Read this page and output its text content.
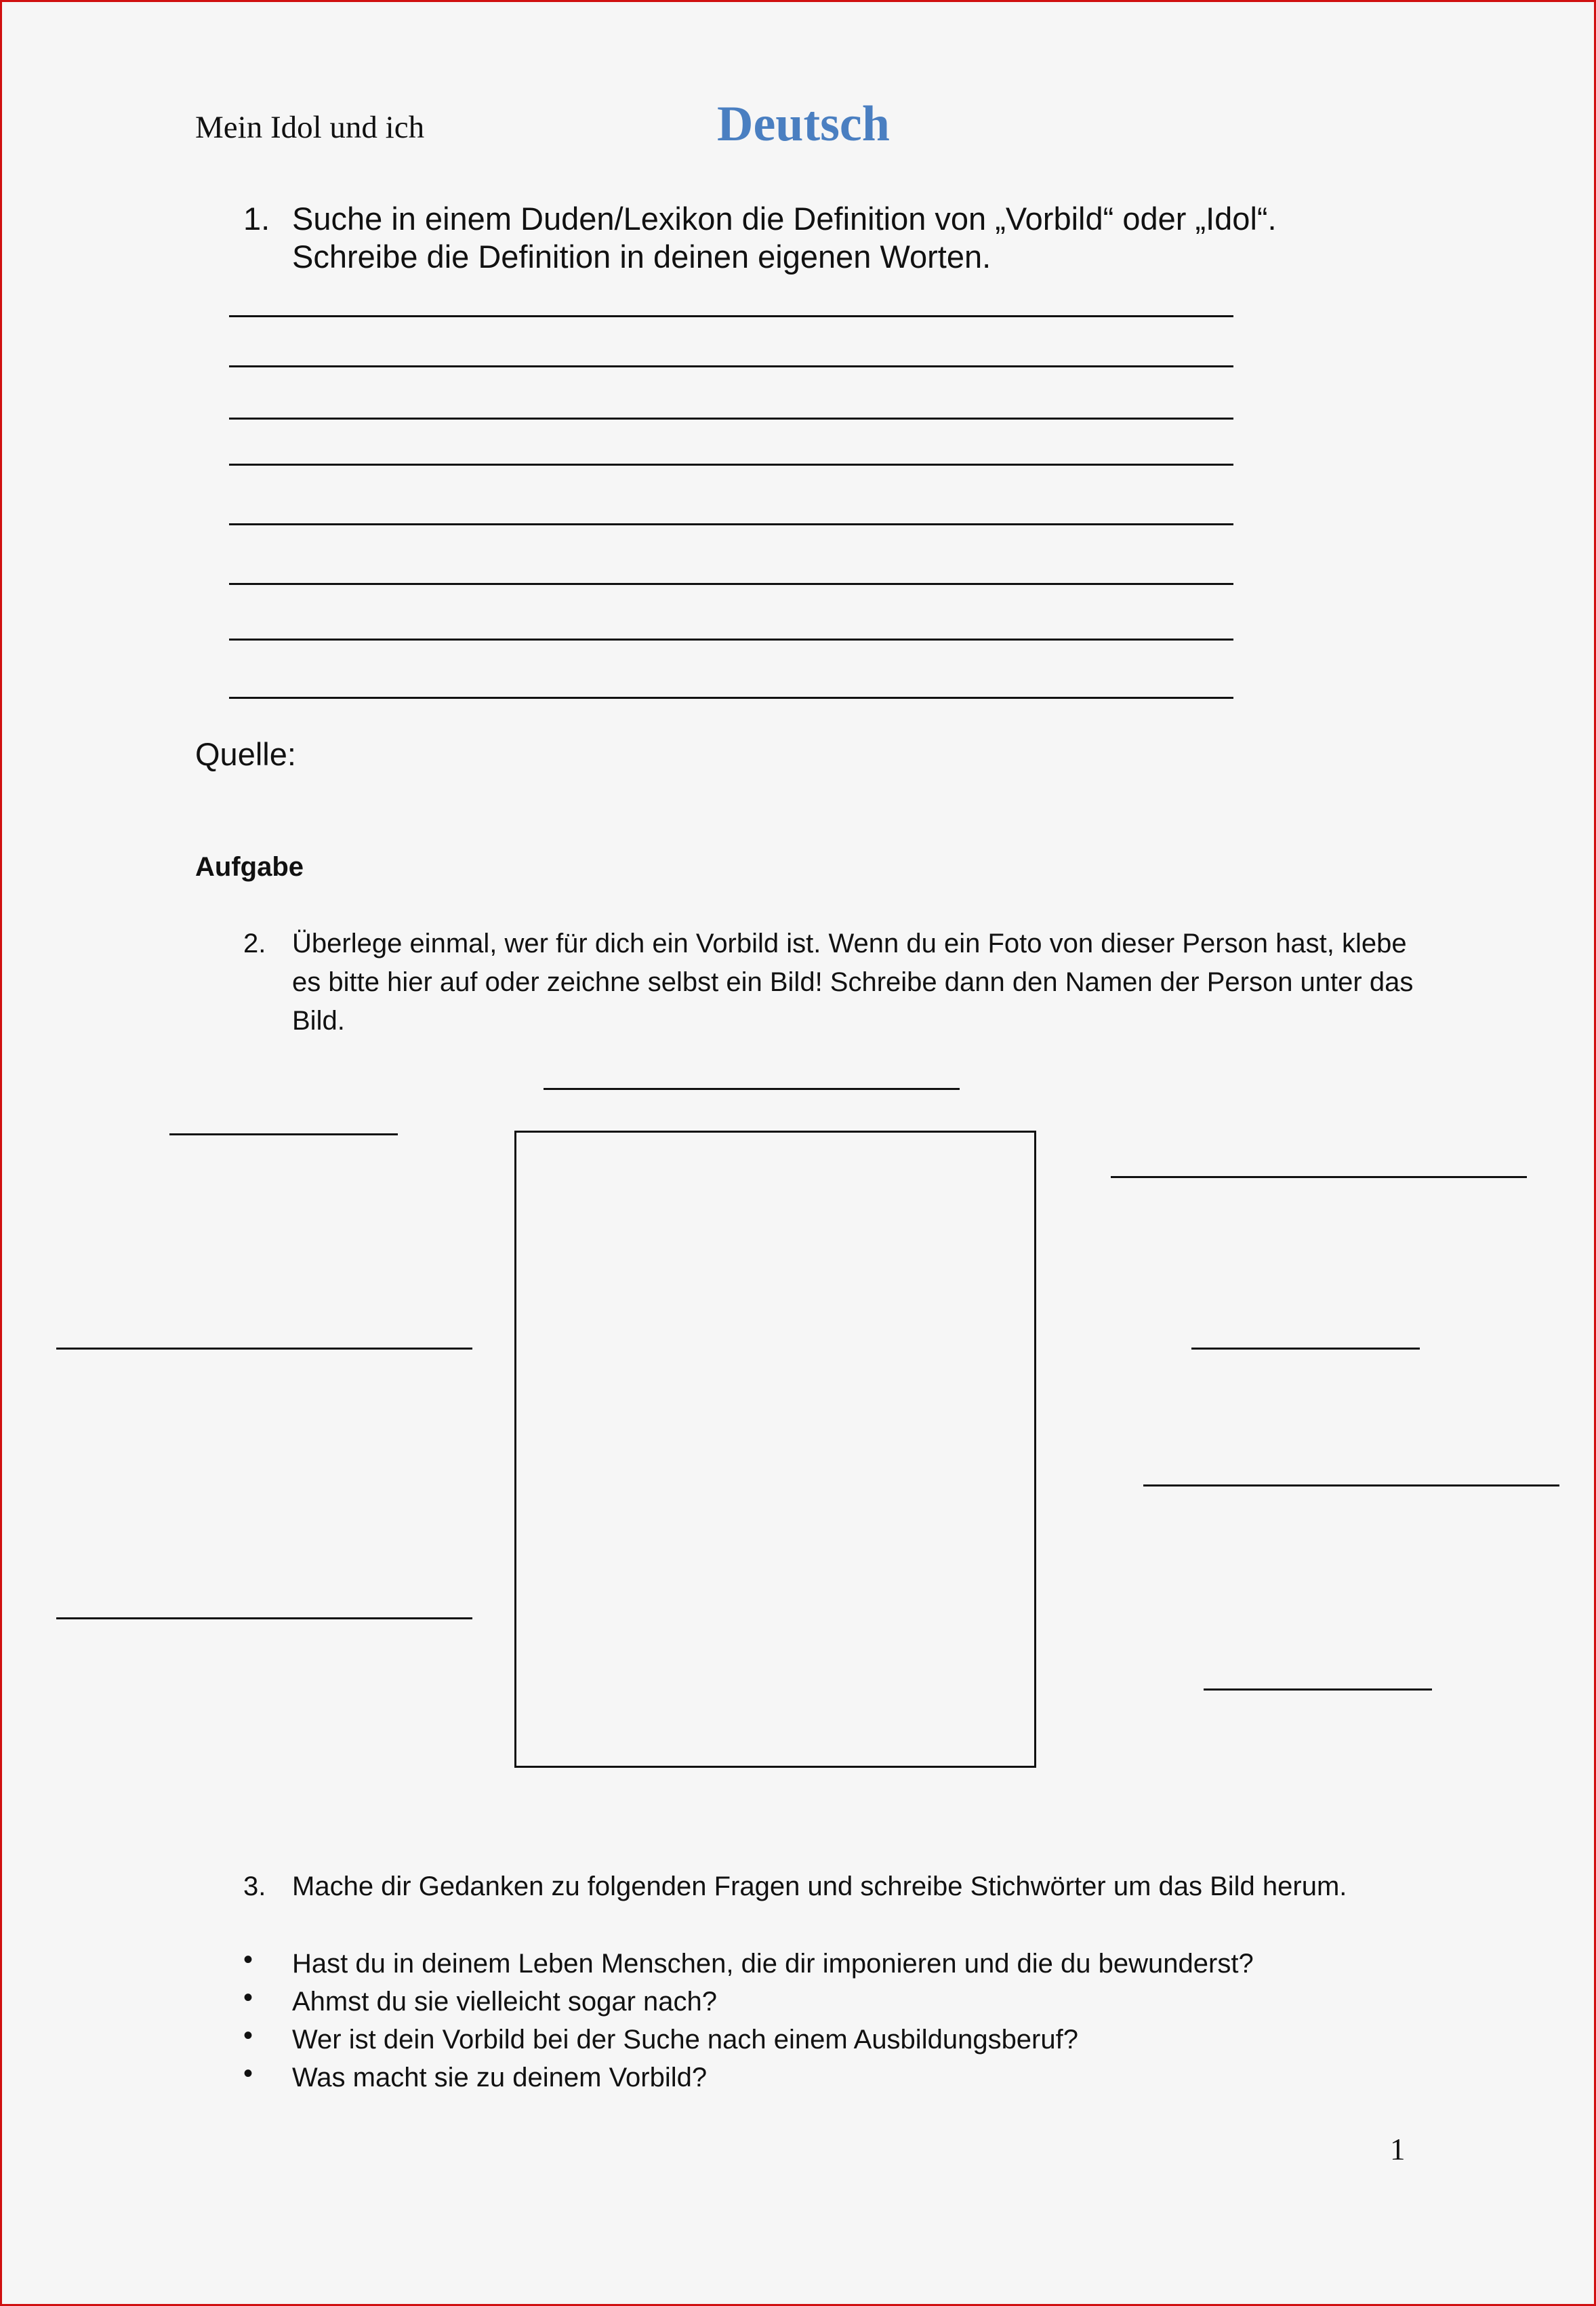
Mein Idol und ich	Deutsch
1. Suche in einem Duden/Lexikon die Definition von „Vorbild“ oder „Idol“.
Schreibe die Definition in deinen eigenen Worten.
Quelle:
Aufgabe
2. Überlege einmal, wer für dich ein Vorbild ist. Wenn du ein Foto von dieser Person hast, klebe
es bitte hier auf oder zeichne selbst ein Bild! Schreibe dann den Namen der Person unter das
Bild.
3. Mache dir Gedanken zu folgenden Fragen und schreibe Stichwörter um das Bild herum.
• Hast du in deinem Leben Menschen, die dir imponieren und die du bewunderst?
• Ahmst du sie vielleicht sogar nach?
• Wer ist dein Vorbild bei der Suche nach einem Ausbildungsberuf?
• Was macht sie zu deinem Vorbild?
1
